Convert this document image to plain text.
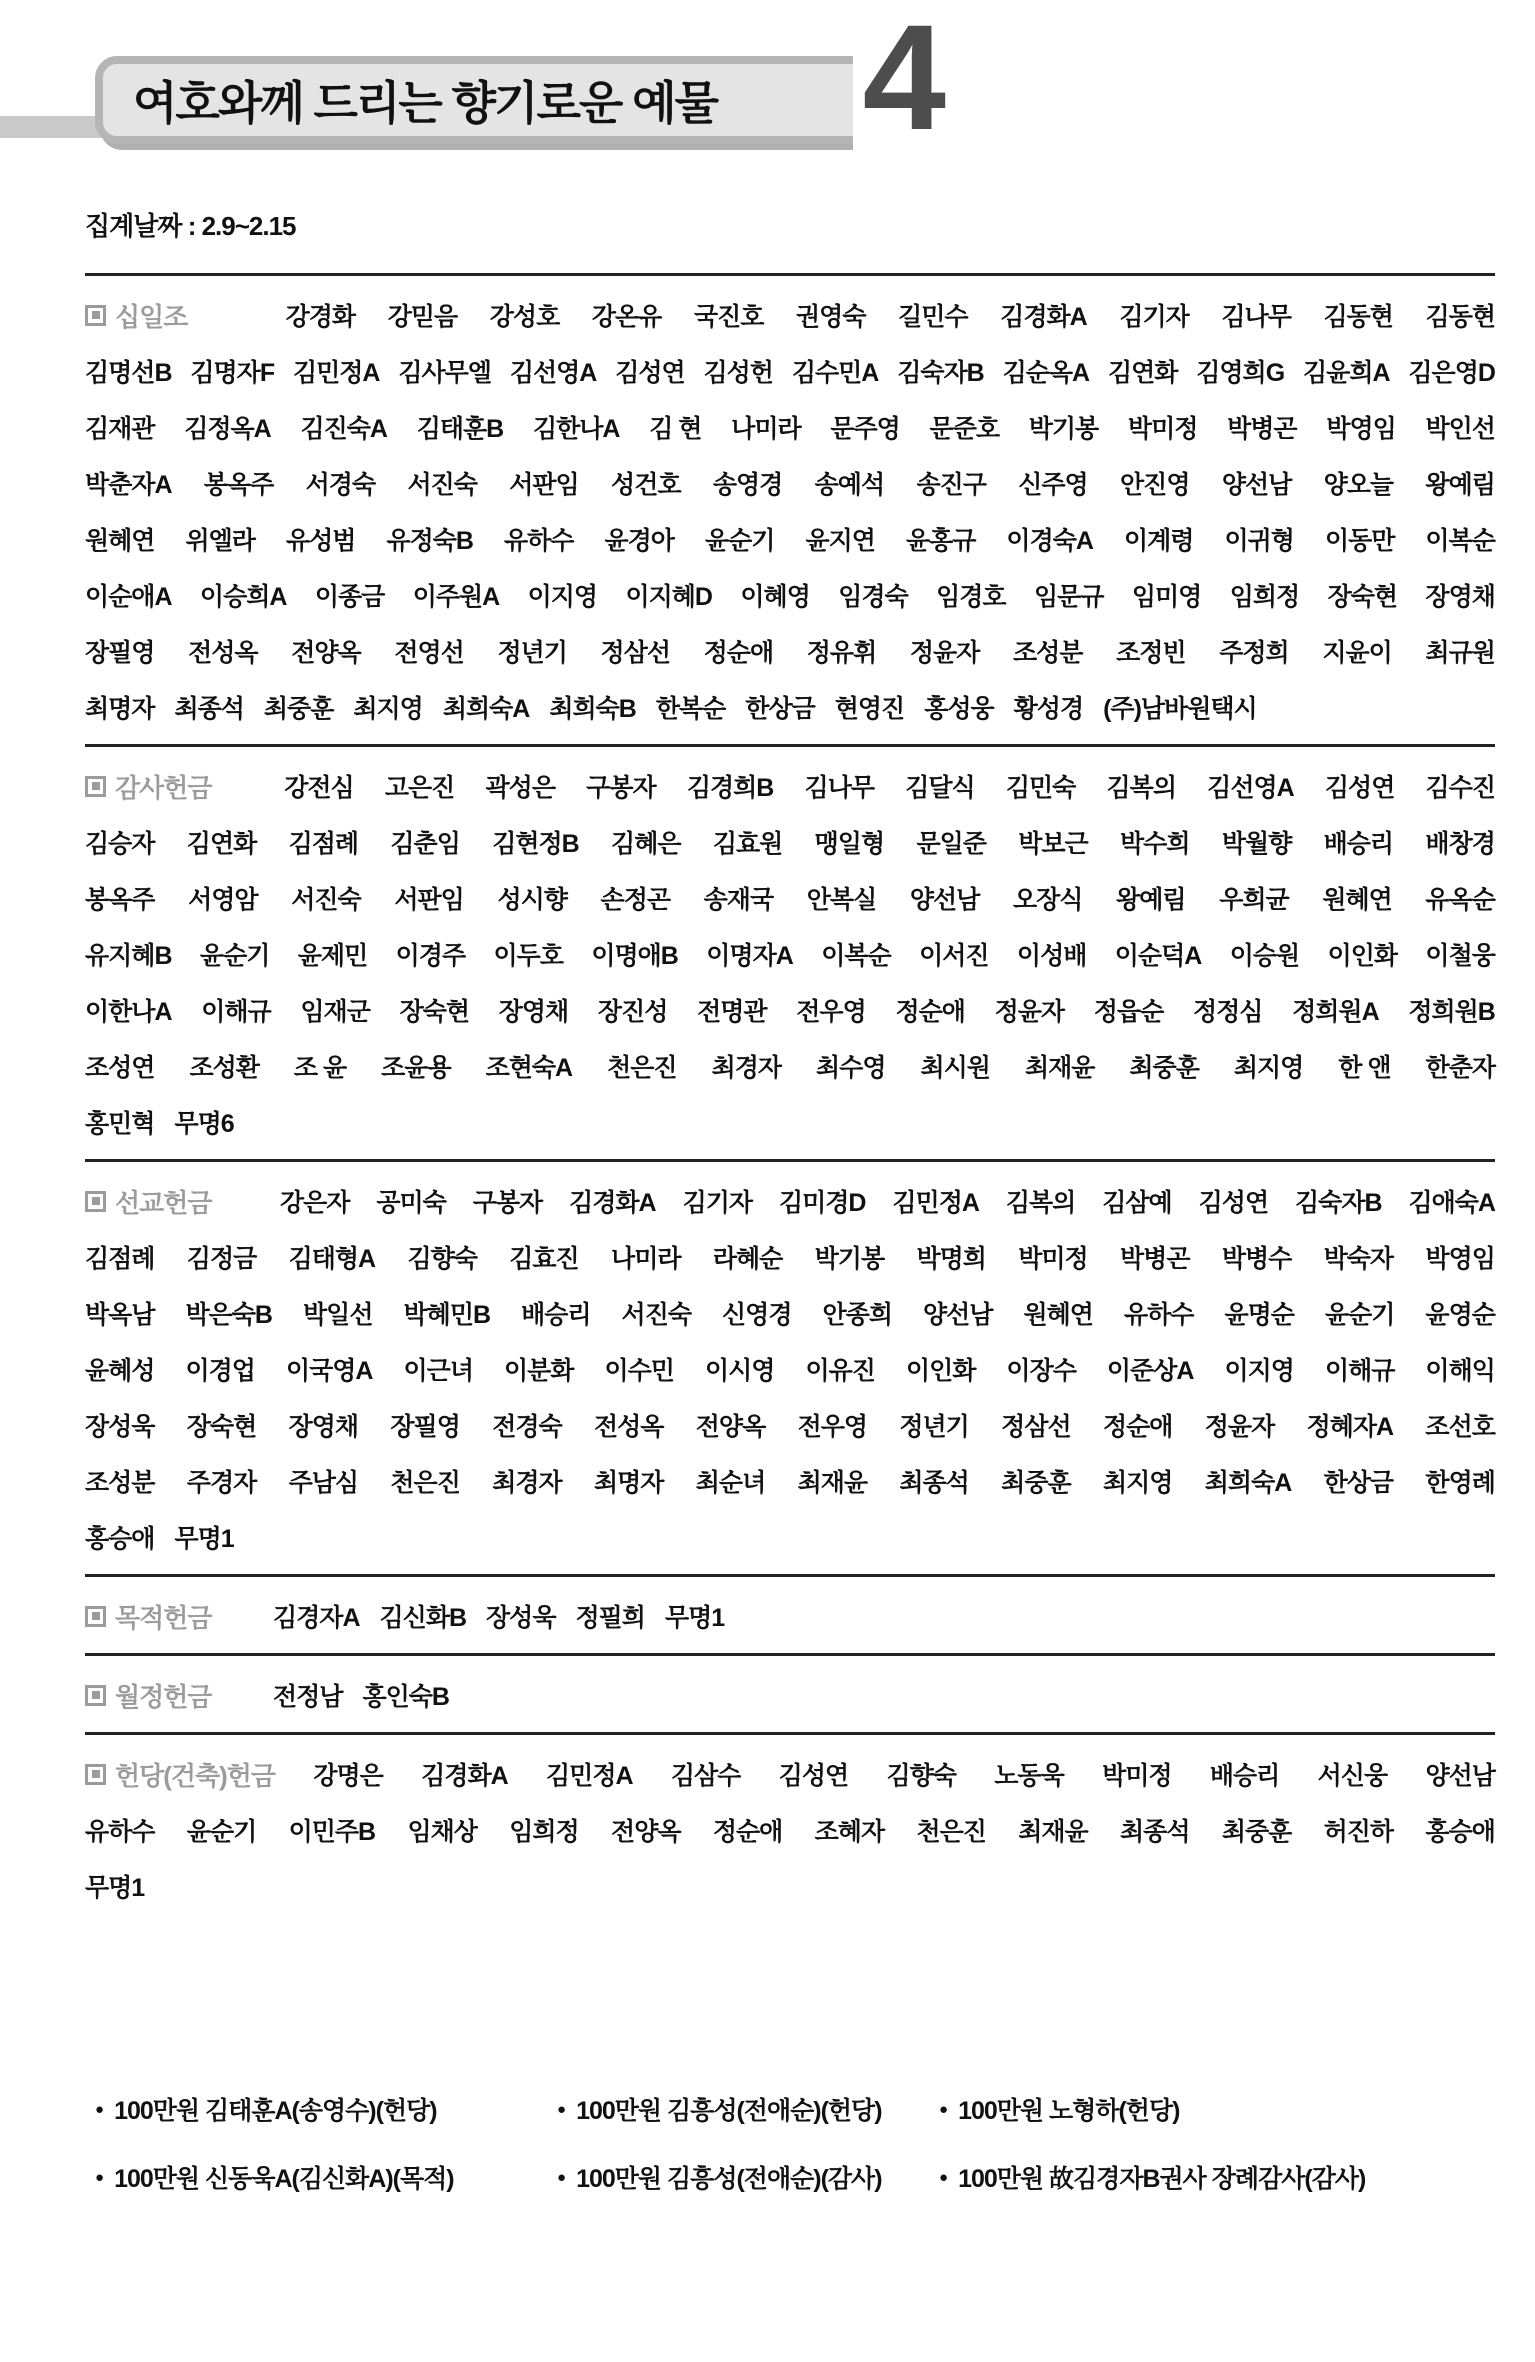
여호와께 드리는 향기로운 예물 4
집계날짜 : 2.9~2.15
십일조	강경화 강믿음 강성호 강온유 국진호 권영숙 길민수 김경화A 김기자 김나무 김동현 김동현
김명선B 김명자F 김민정A 김사무엘 김선영A 김성연 김성헌 김수민A 김숙자B 김순옥A 김연화 김영희G 김윤희A 김은영D
김재관 김정옥A 김진숙A 김태훈B 김한나A 김 현 나미라 문주영 문준호 박기봉 박미정 박병곤 박영임 박인선
박춘자A 봉옥주 서경숙 서진숙 서판임 성건호 송영경 송예석 송진구 신주영 안진영 양선남 양오늘 왕예림
원혜연 위엘라 유성범 유정숙B 유하수 윤경아 윤순기 윤지연 윤홍규 이경숙A 이계령 이귀형 이동만 이복순
이순애A 이승희A 이종금 이주원A 이지영 이지혜D 이혜영 임경숙 임경호 임문규 임미영 임희정 장숙현 장영채
장필영 전성옥 전양옥 전영선 정년기 정삼선 정순애 정유휘 정윤자 조성분 조정빈 주정희 지윤이 최규원
최명자 최종석 최중훈 최지영 최희숙A 최희숙B 한복순 한상금 현영진 홍성웅 황성경 (주)남바원택시
감사헌금	강전심 고은진 곽성은 구봉자 김경희B 김나무 김달식 김민숙 김복의 김선영A 김성연 김수진
김승자 김연화 김점례 김춘임 김현정B 김혜은 김효원 맹일형 문일준 박보근 박수희 박월향 배승리 배창경
봉옥주 서영암 서진숙 서판임 성시향 손정곤 송재국 안복실 양선남 오장식 왕예림 우희균 원혜연 유옥순
유지혜B 윤순기 윤제민 이경주 이두호 이명애B 이명자A 이복순 이서진 이성배 이순덕A 이승원 이인화 이철웅
이한나A 이해규 임재군 장숙현 장영채 장진성 전명관 전우영 정순애 정윤자 정읍순 정정심 정희원A 정희원B
조성연 조성환 조 윤 조윤용 조현숙A 천은진 최경자 최수영 최시원 최재윤 최중훈 최지영 한 앤 한춘자
홍민혁 무명6
선교헌금	강은자 공미숙 구봉자 김경화A 김기자 김미경D 김민정A 김복의 김삼예 김성연 김숙자B 김애숙A
김점례 김정금 김태형A 김향숙 김효진 나미라 라혜순 박기봉 박명희 박미정 박병곤 박병수 박숙자 박영임
박옥남 박은숙B 박일선 박혜민B 배승리 서진숙 신영경 안종희 양선남 원혜연 유하수 윤명순 윤순기 윤영순
윤혜성 이경업 이국영A 이근녀 이분화 이수민 이시영 이유진 이인화 이장수 이준상A 이지영 이해규 이해익
장성욱 장숙현 장영채 장필영 전경숙 전성옥 전양옥 전우영 정년기 정삼선 정순애 정윤자 정혜자A 조선호
조성분 주경자 주남심 천은진 최경자 최명자 최순녀 최재윤 최종석 최중훈 최지영 최희숙A 한상금 한영례
홍승애 무명1
목적헌금 김경자A 김신화B 장성욱 정필희 무명1
월정헌금 전정남 홍인숙B
헌당(건축)헌금 강명은 김경화A 김민정A 김삼수 김성연 김향숙 노동욱 박미정 배승리 서신웅 양선남
유하수 윤순기 이민주B 임채상 임희정 전양옥 정순애 조혜자 천은진 최재윤 최종석 최중훈 허진하 홍승애
무명1
● 100만원 김태훈A(송영수)(헌당)	● 100만원 김흥성(전애순)(헌당)	● 100만원 노형하(헌당)
● 100만원 신동욱A(김신화A)(목적)	● 100만원 김흥성(전애순)(감사)	● 100만원 故김경자B권사 장례감사(감사)
